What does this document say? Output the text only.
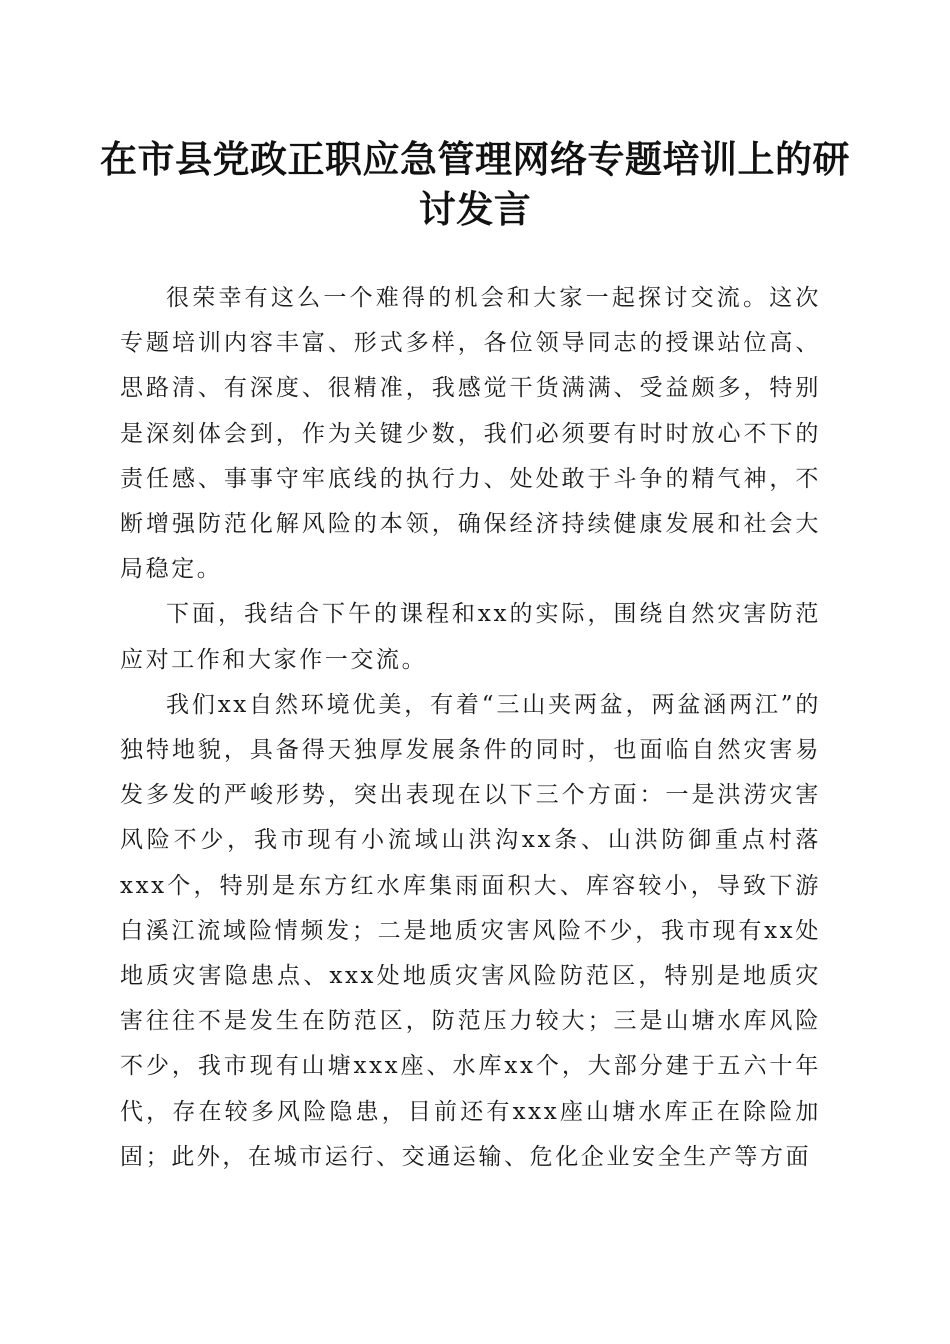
在市县党政正职应急管理网络专题培训上的研讨发言

很荣幸有这么一个难得的机会和大家一起探讨交流。这次专题培训内容丰富、形式多样，各位领导同志的授课站位高、思路清、有深度、很精准，我感觉干货满满、受益颇多，特别是深刻体会到，作为关键少数，我们必须要有时时放心不下的责任感、事事守牢底线的执行力、处处敢于斗争的精气神，不断增强防范化解风险的本领，确保经济持续健康发展和社会大局稳定。

下面，我结合下午的课程和xx的实际，围绕自然灾害防范应对工作和大家作一交流。

我们xx自然环境优美，有着“三山夹两盆，两盆涵两江”的独特地貌，具备得天独厚发展条件的同时，也面临自然灾害易发多发的严峻形势，突出表现在以下三个方面：一是洪涝灾害风险不少，我市现有小流域山洪沟xx条、山洪防御重点村落xxx个，特别是东方红水库集雨面积大、库容较小，导致下游白溪江流域险情频发；二是地质灾害风险不少，我市现有xx处地质灾害隐患点、xxx处地质灾害风险防范区，特别是地质灾害往往不是发生在防范区，防范压力较大；三是山塘水库风险不少，我市现有山塘xxx座、水库xx个，大部分建于五六十年代，存在较多风险隐患，目前还有xxx座山塘水库正在除险加固；此外，在城市运行、交通运输、危化企业安全生产等方面
